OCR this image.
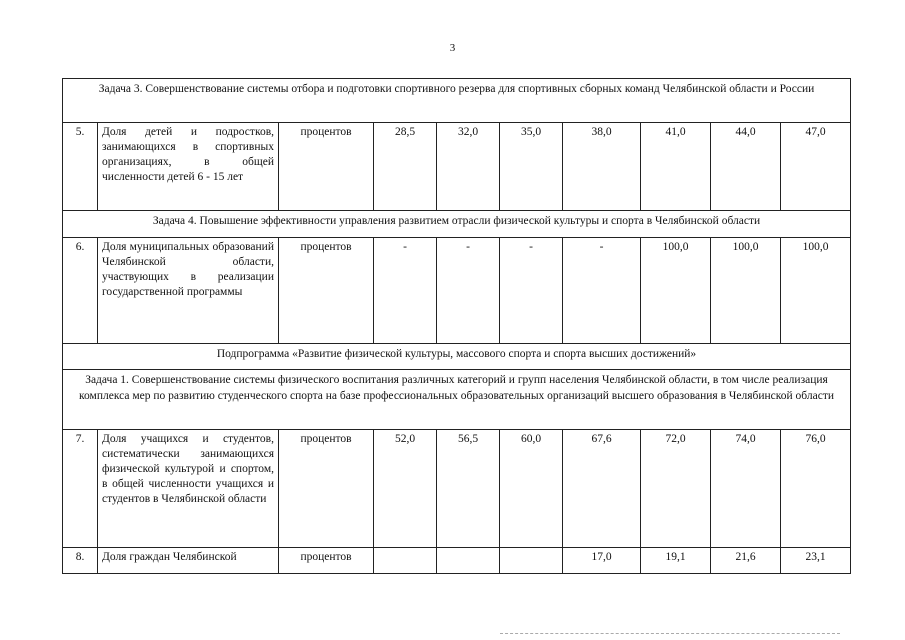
3
Задача 3. Совершенствование системы отбора и подготовки спортивного резерва для спортивных сборных команд Челябинской области и России									
5.	Доля детей и подростков, занимающихся в спортивных организациях, в общей численности детей 6 - 15 лет	процентов	28,5	32,0	35,0	38,0	41,0	44,0	47,0
Задача 4. Повышение эффективности управления развитием отрасли физической культуры и спорта в Челябинской области									
6.	Доля муниципальных образований Челябинской области, участвующих в реализации государственной программы	процентов	-	-	-	-	100,0	100,0	100,0
Подпрограмма «Развитие физической культуры, массового спорта и спорта высших достижений»									
Задача 1. Совершенствование системы физического воспитания различных категорий и групп населения Челябинской области, в том числе реализация комплекса мер по развитию студенческого спорта на базе профессиональных образовательных организаций высшего образования в Челябинской области									
7.	Доля учащихся и студентов, систематически занимающихся физической культурой и спортом, в общей численности учащихся и студентов в Челябинской области	процентов	52,0	56,5	60,0	67,6	72,0	74,0	76,0
8.	Доля граждан Челябинской	процентов				17,0	19,1	21,6	23,1
